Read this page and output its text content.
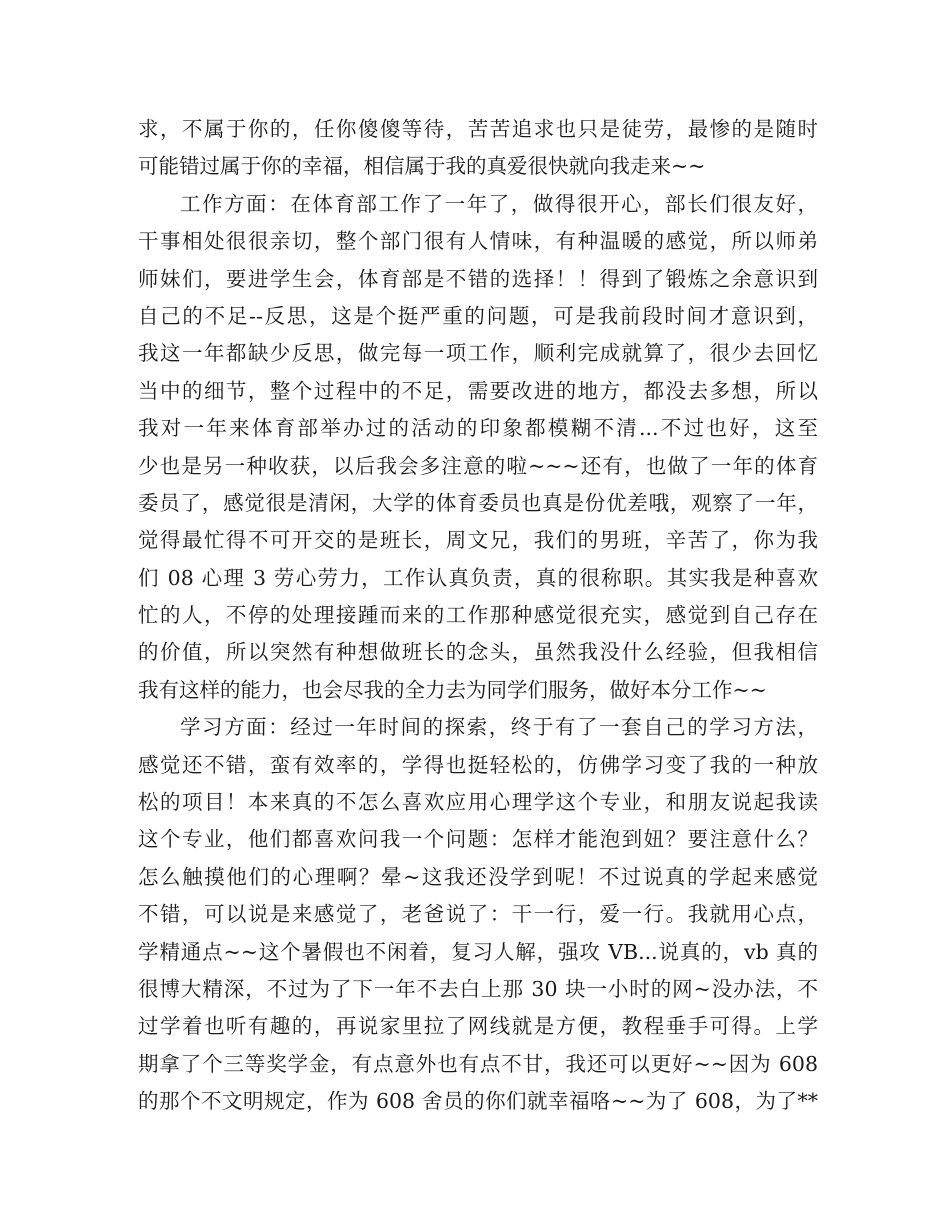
求，不属于你的，任你傻傻等待，苦苦追求也只是徒劳，最惨的是随时
可能错过属于你的幸福，相信属于我的真爱很快就向我走来~~
工作方面：在体育部工作了一年了，做得很开心，部长们很友好，
干事相处很很亲切，整个部门很有人情味，有种温暖的感觉，所以师弟
师妹们，要进学生会，体育部是不错的选择！！得到了锻炼之余意识到
自己的不足--反思，这是个挺严重的问题，可是我前段时间才意识到，
我这一年都缺少反思，做完每一项工作，顺利完成就算了，很少去回忆
当中的细节，整个过程中的不足，需要改进的地方，都没去多想，所以
我对一年来体育部举办过的活动的印象都模糊不清...不过也好，这至
少也是另一种收获，以后我会多注意的啦~~~还有，也做了一年的体育
委员了，感觉很是清闲，大学的体育委员也真是份优差哦，观察了一年，
觉得最忙得不可开交的是班长，周文兄，我们的男班，辛苦了，你为我
们 08 心理 3 劳心劳力，工作认真负责，真的很称职。其实我是种喜欢
忙的人，不停的处理接踵而来的工作那种感觉很充实，感觉到自己存在
的价值，所以突然有种想做班长的念头，虽然我没什么经验，但我相信
我有这样的能力，也会尽我的全力去为同学们服务，做好本分工作~~
学习方面：经过一年时间的探索，终于有了一套自己的学习方法，
感觉还不错，蛮有效率的，学得也挺轻松的，仿佛学习变了我的一种放
松的项目！本来真的不怎么喜欢应用心理学这个专业，和朋友说起我读
这个专业，他们都喜欢问我一个问题：怎样才能泡到妞？要注意什么？
怎么触摸他们的心理啊？晕~这我还没学到呢！不过说真的学起来感觉
不错，可以说是来感觉了，老爸说了：干一行，爱一行。我就用心点，
学精通点~~这个暑假也不闲着，复习人解，强攻 VB...说真的，vb 真的
很博大精深，不过为了下一年不去白上那 30 块一小时的网~没办法，不
过学着也听有趣的，再说家里拉了网线就是方便，教程垂手可得。上学
期拿了个三等奖学金，有点意外也有点不甘，我还可以更好~~因为 608
的那个不文明规定，作为 608 舍员的你们就幸福咯~~为了 608，为了**
